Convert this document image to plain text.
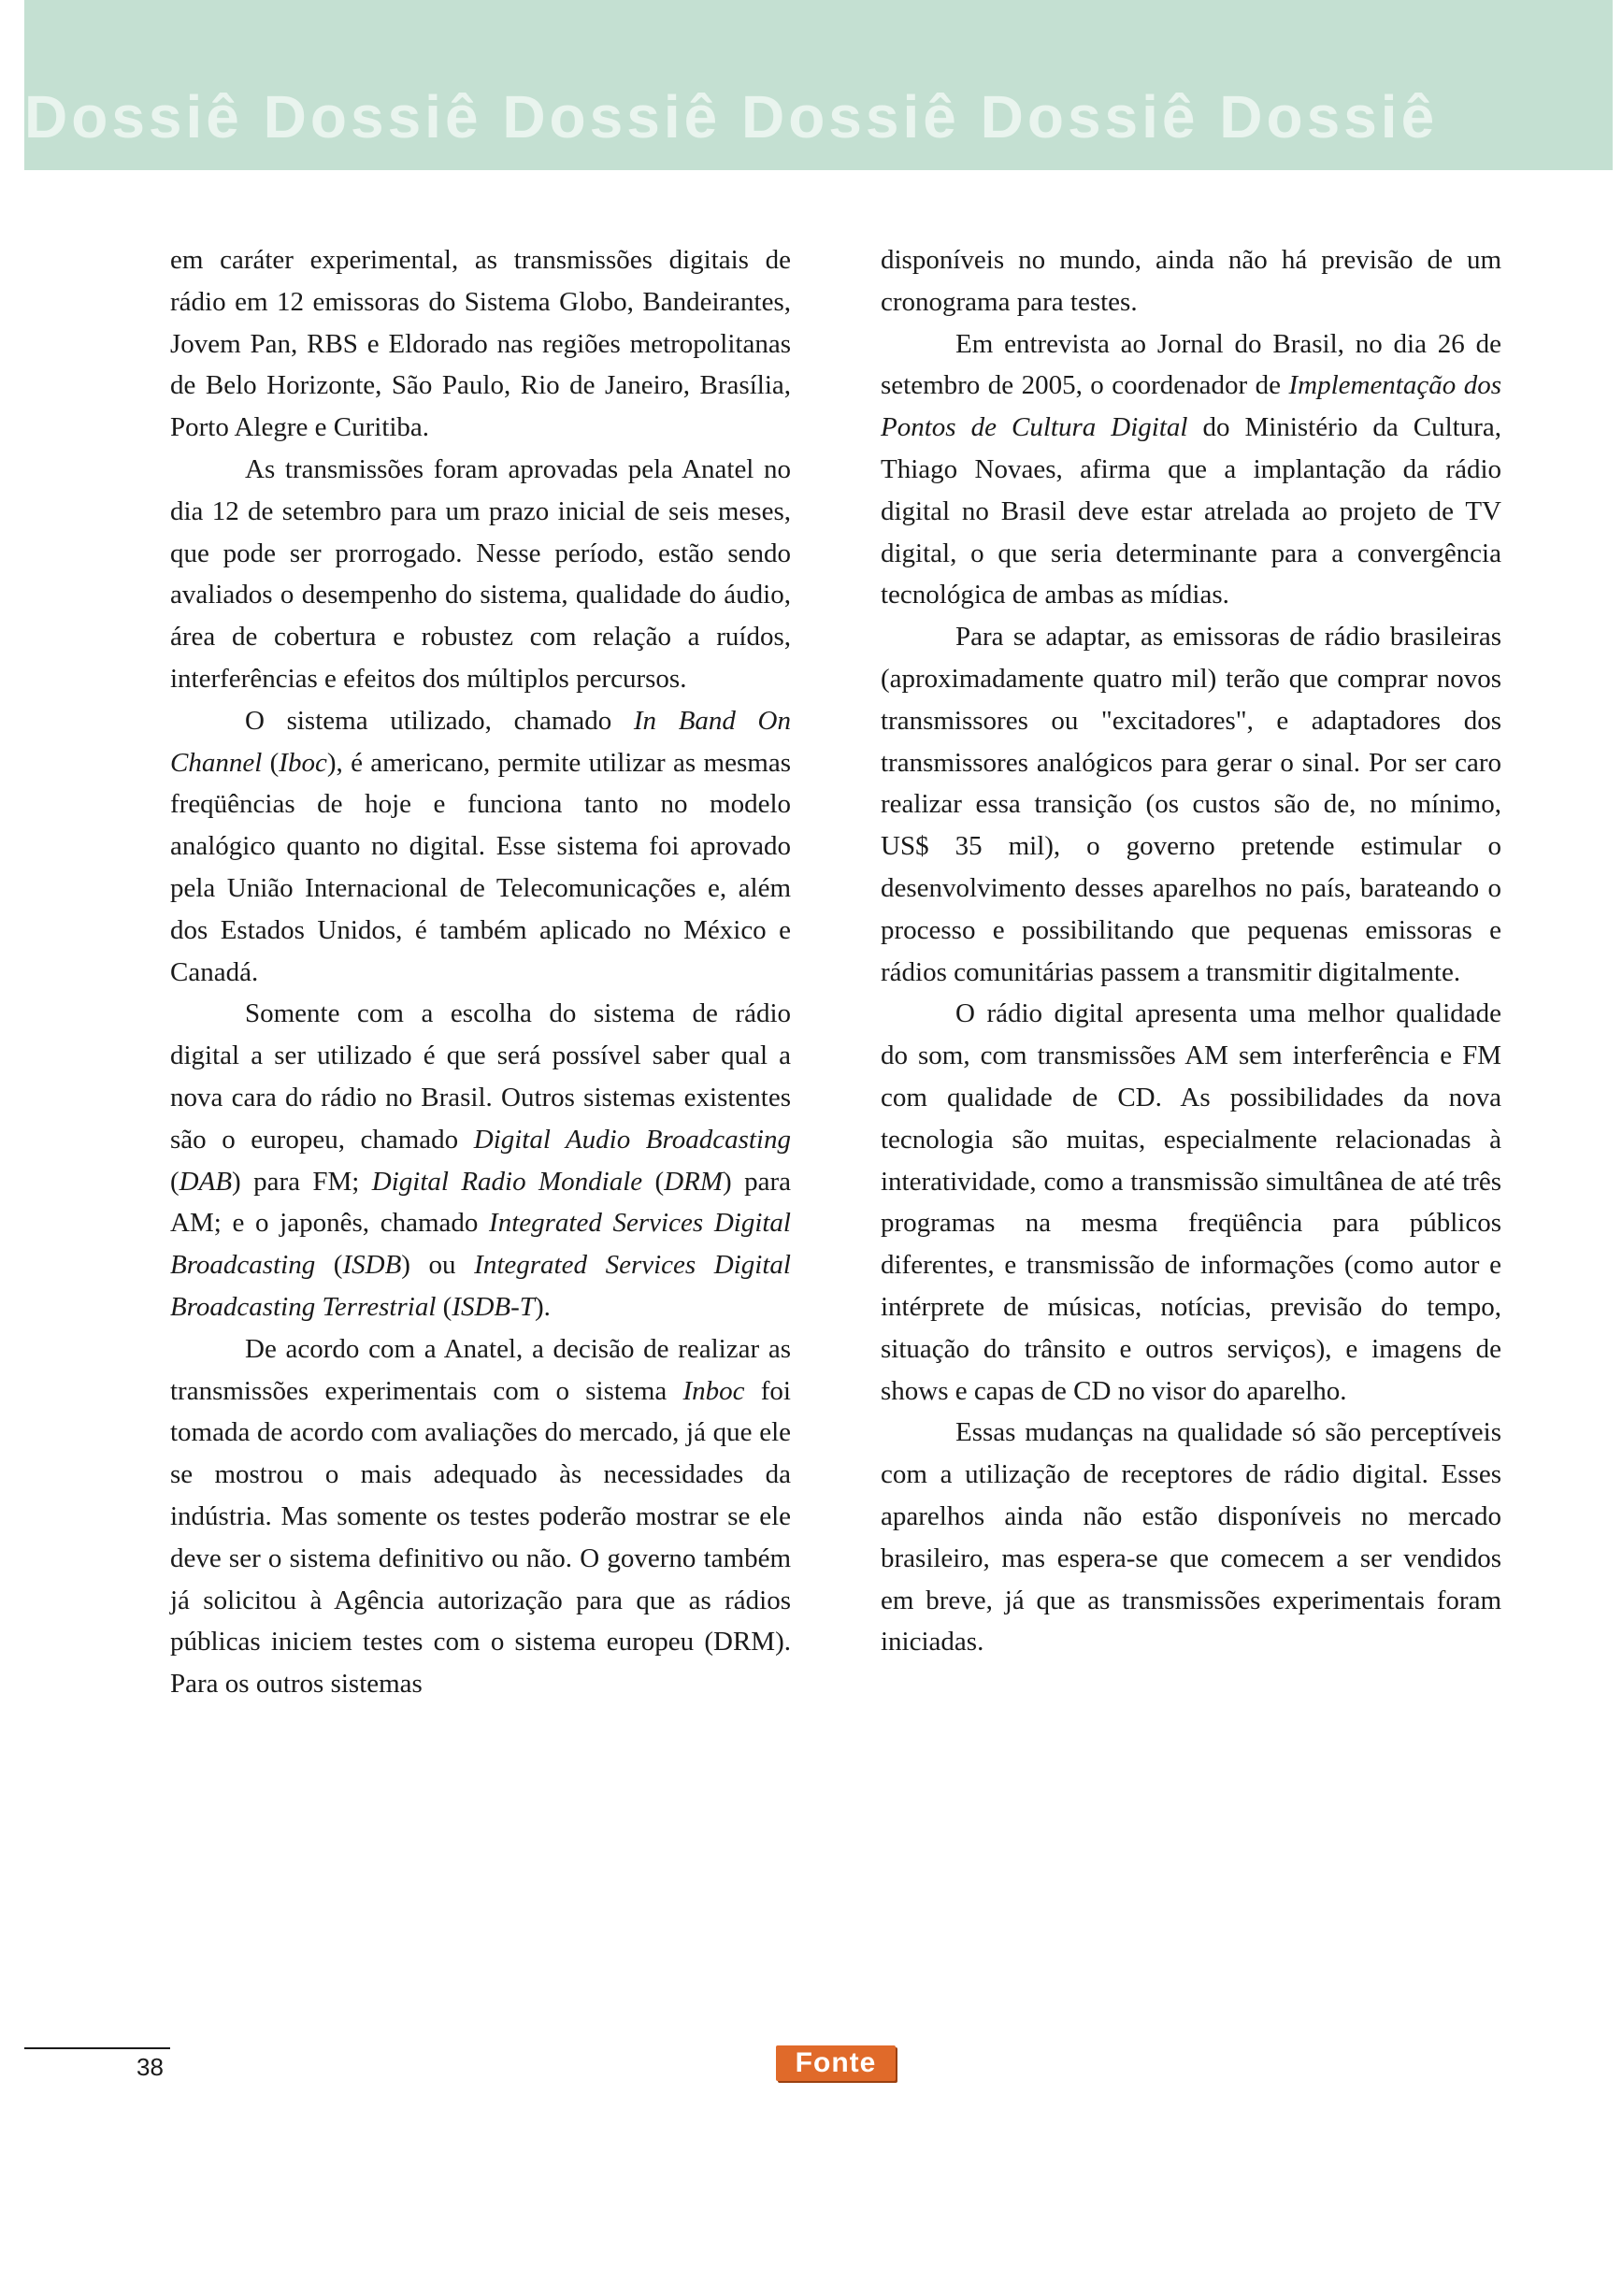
Dossiê Dossiê Dossiê Dossiê Dossiê Dossiê

em caráter experimental, as transmissões digitais de rádio em 12 emissoras do Sistema Globo, Bandeirantes, Jovem Pan, RBS e Eldorado nas regiões metropolitanas de Belo Horizonte, São Paulo, Rio de Janeiro, Brasília, Porto Alegre e Curitiba.

As transmissões foram aprovadas pela Anatel no dia 12 de setembro para um prazo inicial de seis meses, que pode ser prorrogado. Nesse período, estão sendo avaliados o desempenho do sistema, qualidade do áudio, área de cobertura e robustez com relação a ruídos, interferências e efeitos dos múltiplos percursos.

O sistema utilizado, chamado In Band On Channel (Iboc), é americano, permite utilizar as mesmas freqüências de hoje e funciona tanto no modelo analógico quanto no digital. Esse sistema foi aprovado pela União Internacional de Telecomunicações e, além dos Estados Unidos, é também aplicado no México e Canadá.

Somente com a escolha do sistema de rádio digital a ser utilizado é que será possível saber qual a nova cara do rádio no Brasil. Outros sistemas existentes são o europeu, chamado Digital Audio Broadcasting (DAB) para FM; Digital Radio Mondiale (DRM) para AM; e o japonês, chamado Integrated Services Digital Broadcasting (ISDB) ou Integrated Services Digital Broadcasting Terrestrial (ISDB-T).

De acordo com a Anatel, a decisão de realizar as transmissões experimentais com o sistema Inboc foi tomada de acordo com avaliações do mercado, já que ele se mostrou o mais adequado às necessidades da indústria. Mas somente os testes poderão mostrar se ele deve ser o sistema definitivo ou não. O governo também já solicitou à Agência autorização para que as rádios públicas iniciem testes com o sistema europeu (DRM). Para os outros sistemas

disponíveis no mundo, ainda não há previsão de um cronograma para testes.

Em entrevista ao Jornal do Brasil, no dia 26 de setembro de 2005, o coordenador de Implementação dos Pontos de Cultura Digital do Ministério da Cultura, Thiago Novaes, afirma que a implantação da rádio digital no Brasil deve estar atrelada ao projeto de TV digital, o que seria determinante para a convergência tecnológica de ambas as mídias.

Para se adaptar, as emissoras de rádio brasileiras (aproximadamente quatro mil) terão que comprar novos transmissores ou "excitadores", e adaptadores dos transmissores analógicos para gerar o sinal. Por ser caro realizar essa transição (os custos são de, no mínimo, US$ 35 mil), o governo pretende estimular o desenvolvimento desses aparelhos no país, barateando o processo e possibilitando que pequenas emissoras e rádios comunitárias passem a transmitir digitalmente.

O rádio digital apresenta uma melhor qualidade do som, com transmissões AM sem interferência e FM com qualidade de CD. As possibilidades da nova tecnologia são muitas, especialmente relacionadas à interatividade, como a transmissão simultânea de até três programas na mesma freqüência para públicos diferentes, e transmissão de informações (como autor e intérprete de músicas, notícias, previsão do tempo, situação do trânsito e outros serviços), e imagens de shows e capas de CD no visor do aparelho.

Essas mudanças na qualidade só são perceptíveis com a utilização de receptores de rádio digital. Esses aparelhos ainda não estão disponíveis no mercado brasileiro, mas espera-se que comecem a ser vendidos em breve, já que as transmissões experimentais foram iniciadas.

38	Fonte
